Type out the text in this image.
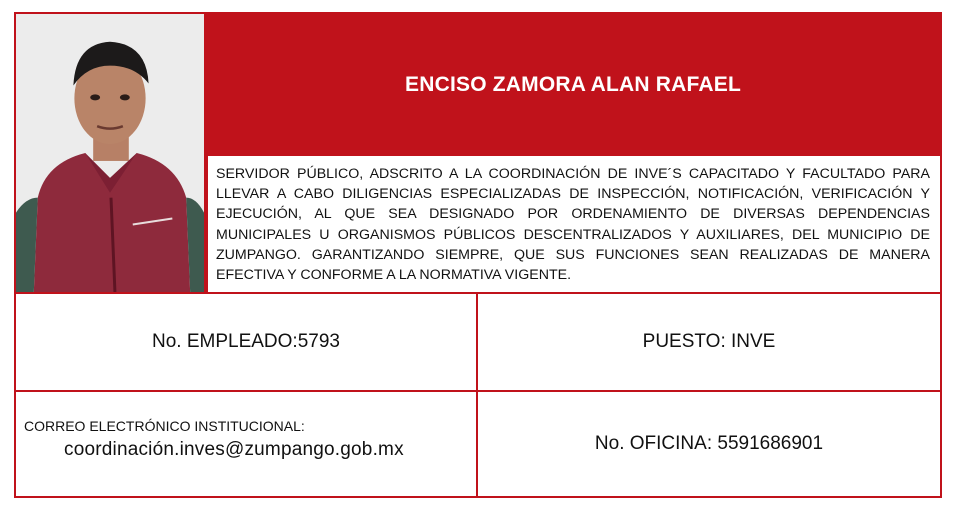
ENCISO ZAMORA ALAN RAFAEL
SERVIDOR PÚBLICO, ADSCRITO A LA COORDINACIÓN DE INVE´S CAPACITADO Y FACULTADO PARA LLEVAR A CABO DILIGENCIAS ESPECIALIZADAS DE INSPECCIÓN, NOTIFICACIÓN, VERIFICACIÓN Y EJECUCIÓN, AL QUE SEA DESIGNADO POR ORDENAMIENTO DE DIVERSAS DEPENDENCIAS MUNICIPALES U ORGANISMOS PÚBLICOS DESCENTRALIZADOS Y AUXILIARES, DEL MUNICIPIO DE ZUMPANGO. GARANTIZANDO SIEMPRE, QUE SUS FUNCIONES SEAN REALIZADAS DE MANERA EFECTIVA Y CONFORME A LA NORMATIVA VIGENTE.
No. EMPLEADO:5793	PUESTO: INVE
CORREO ELECTRÓNICO INSTITUCIONAL:
coordinación.inves@zumpango.gob.mx	No. OFICINA: 5591686901
